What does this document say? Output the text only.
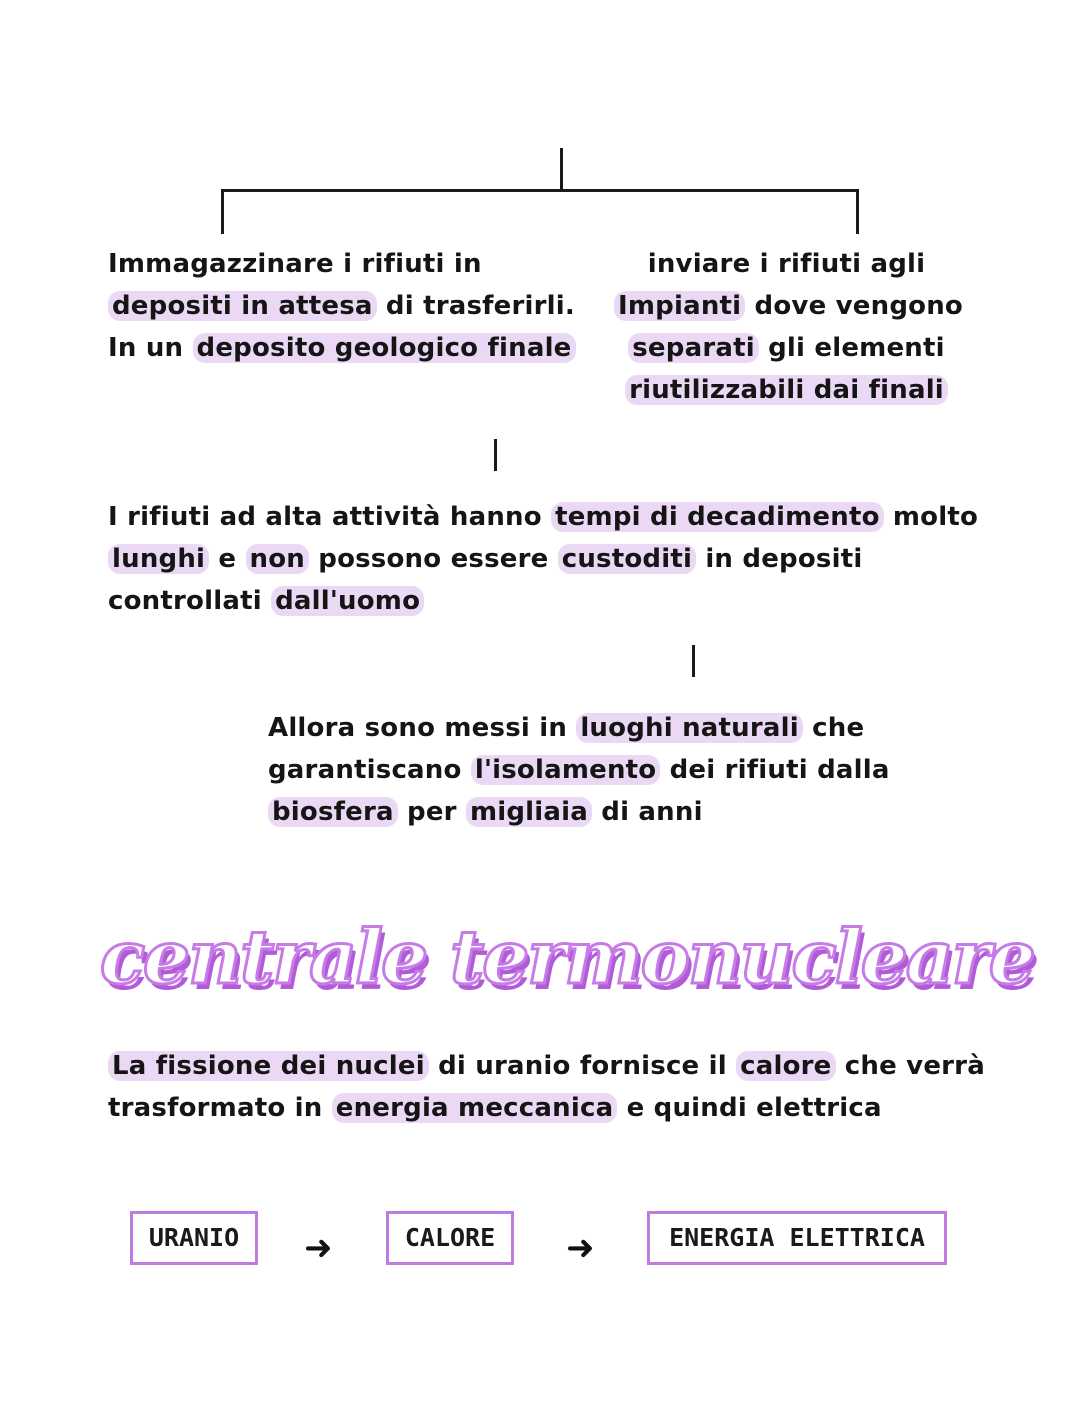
Immagazzinare i rifiuti in
depositi in attesa di trasferirli.
In un deposito geologico finale
inviare i rifiuti agli
Impianti dove vengono
separati gli elementi
riutilizzabili dai finali
I rifiuti ad alta attività hanno tempi di decadimento molto
lunghi e non possono essere custoditi in depositi
controllati dall'uomo
Allora sono messi in luoghi naturali che
garantiscano l'isolamento dei rifiuti dalla
biosfera per migliaia di anni
centrale termonucleare
La fissione dei nuclei di uranio fornisce il calore che verrà
trasformato in energia meccanica e quindi elettrica
URANIO	➜	CALORE	➜	ENERGIA ELETTRICA
